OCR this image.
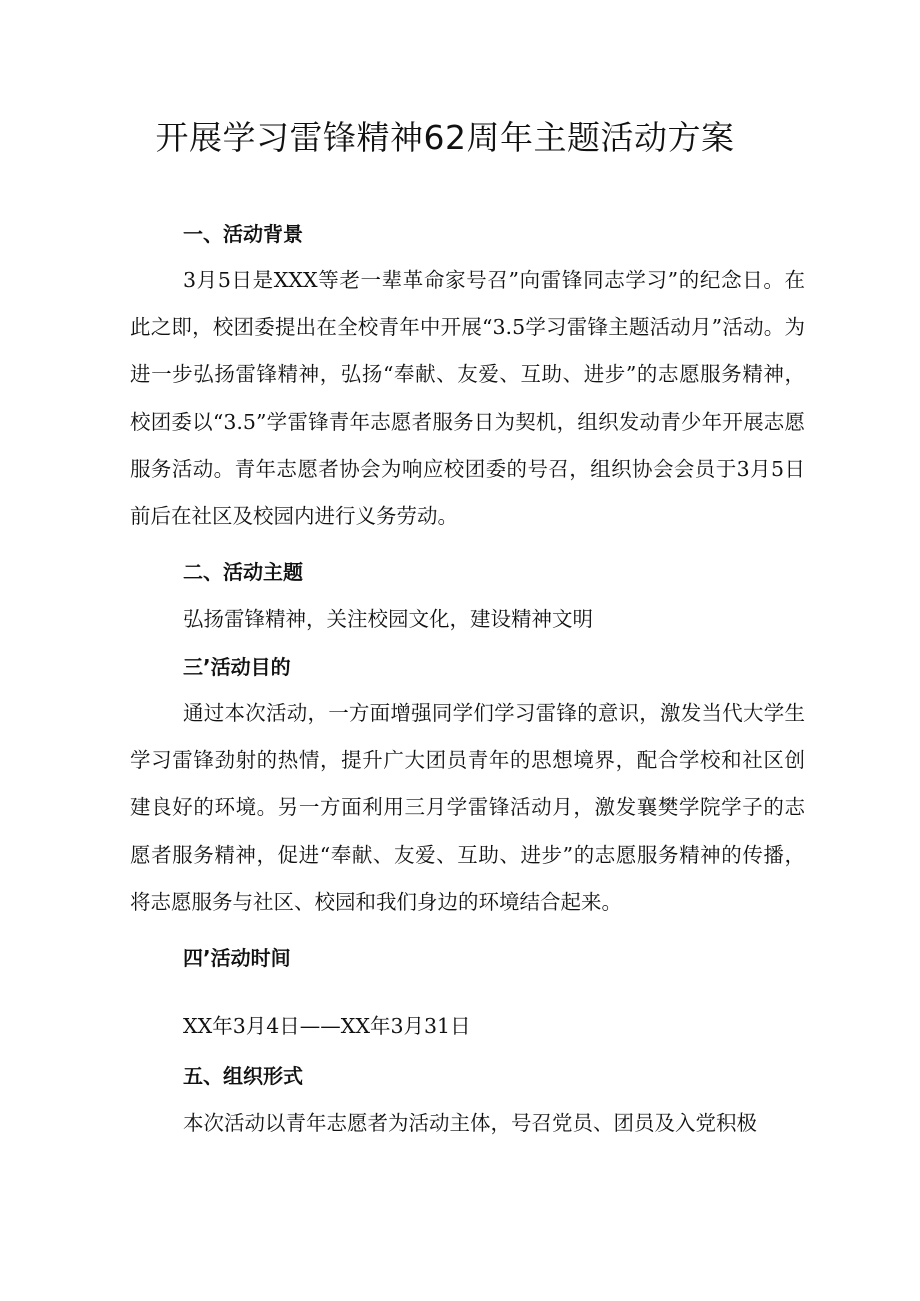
开展学习雷锋精神62周年主题活动方案
一、活动背景

3月5日是XXX等老一辈革命家号召”向雷锋同志学习”的纪念日。在此之即，校团委提出在全校青年中开展“3.5学习雷锋主题活动月”活动。为进一步弘扬雷锋精神，弘扬“奉献、友爱、互助、进步”的志愿服务精神，校团委以“3.5”学雷锋青年志愿者服务日为契机，组织发动青少年开展志愿服务活动。青年志愿者协会为响应校团委的号召，组织协会会员于3月5日前后在社区及校园内进行义务劳动。

二、活动主题

弘扬雷锋精神，关注校园文化，建设精神文明

三’活动目的

通过本次活动，一方面增强同学们学习雷锋的意识，激发当代大学生学习雷锋劲射的热情，提升广大团员青年的思想境界，配合学校和社区创建良好的环境。另一方面利用三月学雷锋活动月，激发襄樊学院学子的志愿者服务精神，促进“奉献、友爱、互助、进步”的志愿服务精神的传播，将志愿服务与社区、校园和我们身边的环境结合起来。

四’活动时间

XX年3月4日——XX年3月31日

五、组织形式

本次活动以青年志愿者为活动主体，号召党员、团员及入党积极
